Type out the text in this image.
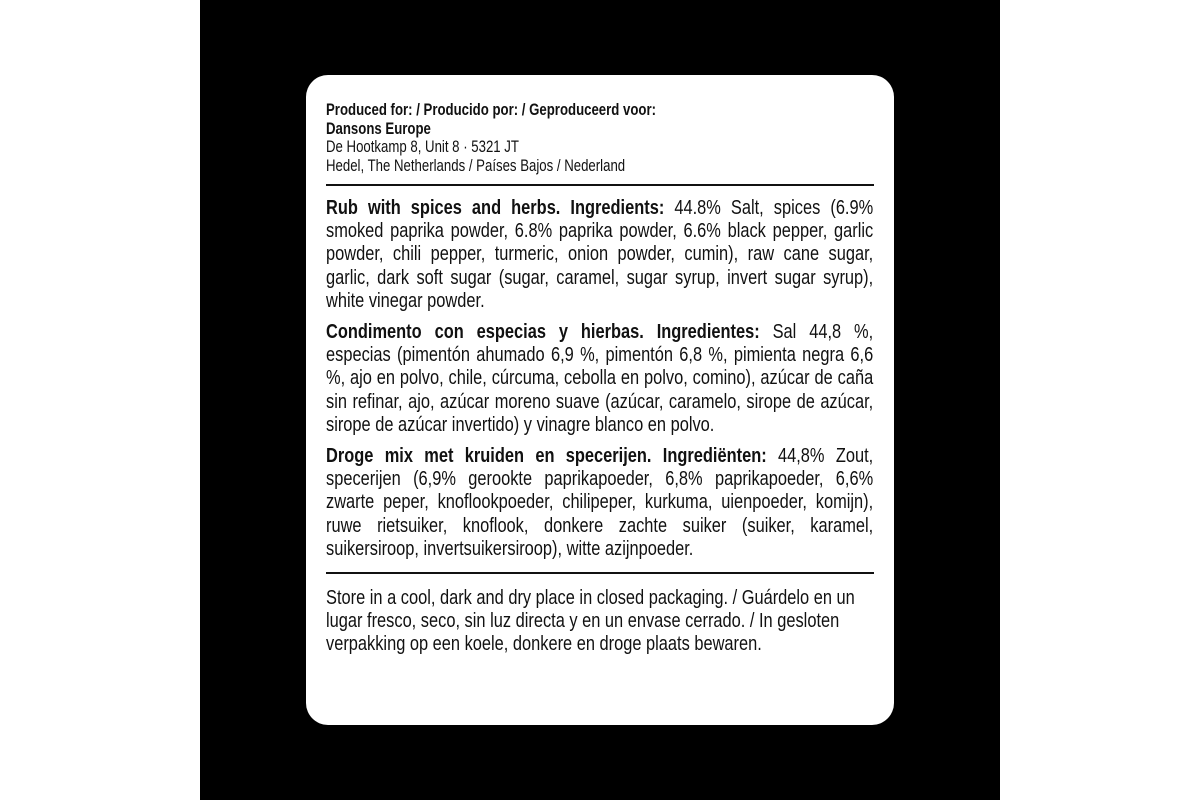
Produced for: / Producido por: / Geproduceerd voor:
Dansons Europe
De Hootkamp 8, Unit 8 · 5321 JT
Hedel, The Netherlands / Países Bajos / Nederland

Rub with spices and herbs. Ingredients: 44.8% Salt, spices (6.9% smoked paprika powder, 6.8% paprika powder, 6.6% black pepper, garlic powder, chili pepper, turmeric, onion powder, cumin), raw cane sugar, garlic, dark soft sugar (sugar, caramel, sugar syrup, invert sugar syrup), white vinegar powder.

Condimento con especias y hierbas. Ingredientes: Sal 44,8 %, especias (pimentón ahumado 6,9 %, pimentón 6,8 %, pimienta negra 6,6 %, ajo en polvo, chile, cúrcuma, cebolla en polvo, comino), azúcar de caña sin refinar, ajo, azúcar moreno suave (azúcar, caramelo, sirope de azúcar, sirope de azúcar invertido) y vinagre blanco en polvo.

Droge mix met kruiden en specerijen. Ingrediënten: 44,8% Zout, specerijen (6,9% gerookte paprikapoeder, 6,8% paprikapoeder, 6,6% zwarte peper, knoflookpoeder, chilipeper, kurkuma, uienpoeder, komijn), ruwe rietsuiker, knoflook, donkere zachte suiker (suiker, karamel, suikersiroop, invertsuikersiroop), witte azijnpoeder.

Store in a cool, dark and dry place in closed packaging. / Guárdelo en un lugar fresco, seco, sin luz directa y en un envase cerrado. / In gesloten verpakking op een koele, donkere en droge plaats bewaren.
